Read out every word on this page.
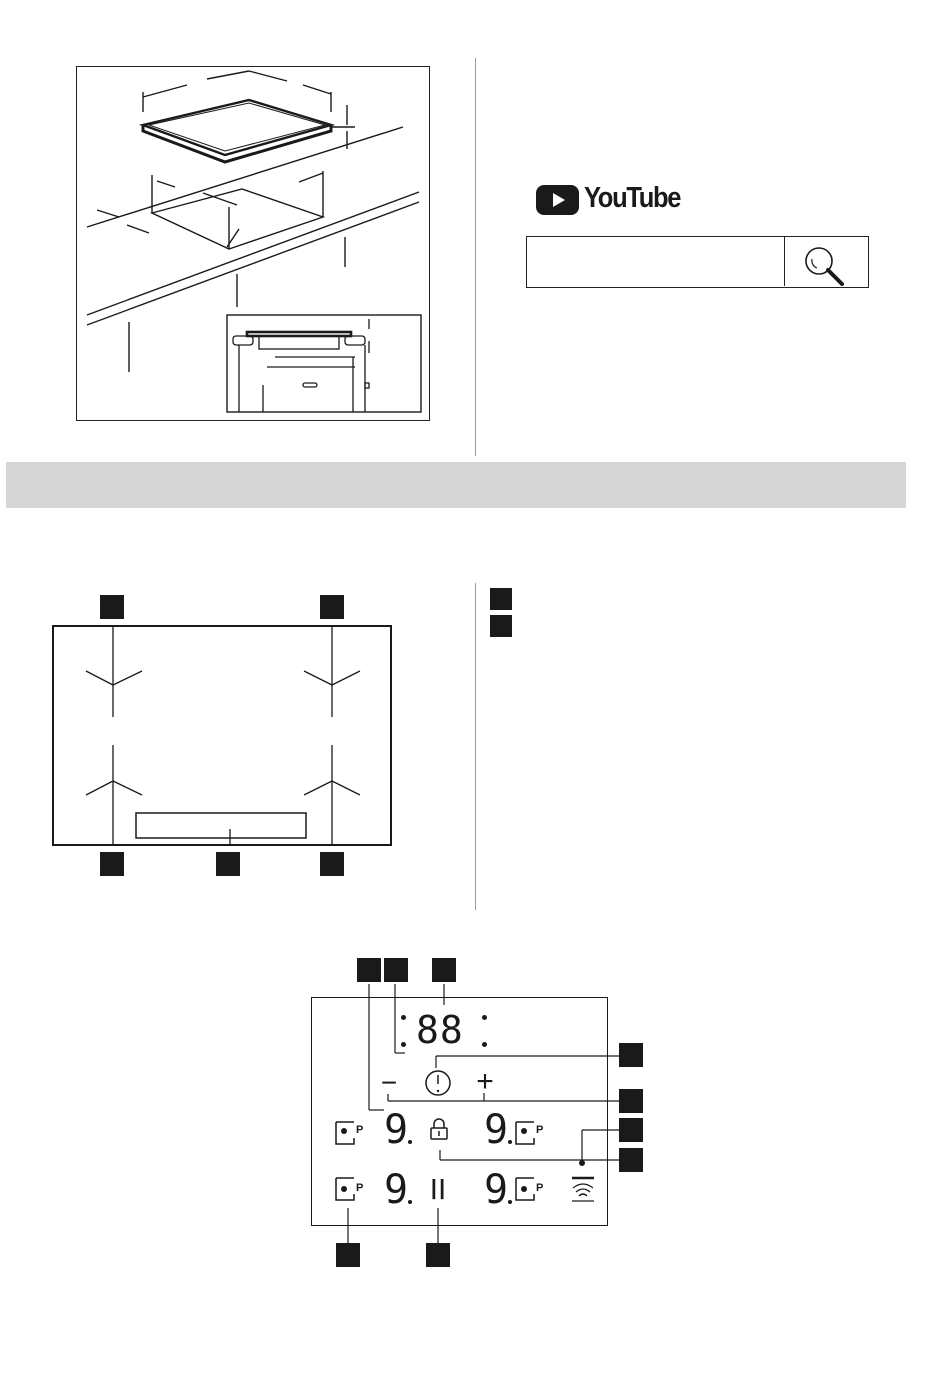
YouTube
88
−	+
P	P
P	P
9 9
9 9
II
